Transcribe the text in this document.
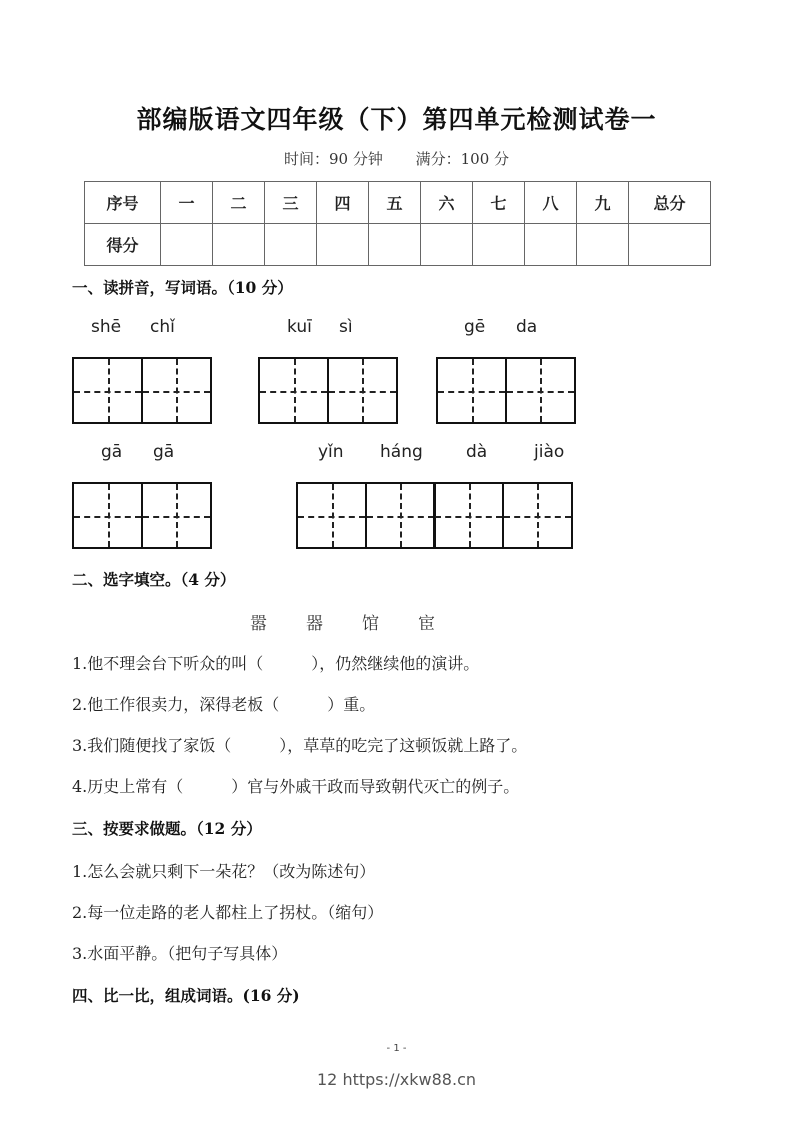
部编版语文四年级（下）第四单元检测试卷一
时间：90 分钟 满分：100 分
序号	一	二	三	四	五	六	七	八	九	总分
得分										
一、读拼音，写词语。（10 分）
shē chǐ	kuī sì	gē da
gā gā	yǐn háng	dà	jiào
二、选字填空。（4 分）
嚣 器 馆 宦
1.他不理会台下听众的叫（　　　），仍然继续他的演讲。
2.他工作很卖力，深得老板（　　　）重。
3.我们随便找了家饭（　　　），草草的吃完了这顿饭就上路了。
4.历史上常有（　　　）官与外戚干政而导致朝代灭亡的例子。
三、按要求做题。（12 分）
1.怎么会就只剩下一朵花？（改为陈述句）
2.每一位走路的老人都柱上了拐杖。（缩句）
3.水面平静。（把句子写具体）
四、比一比，组成词语。(16 分)
- 1 -
12 https://xkw88.cn
